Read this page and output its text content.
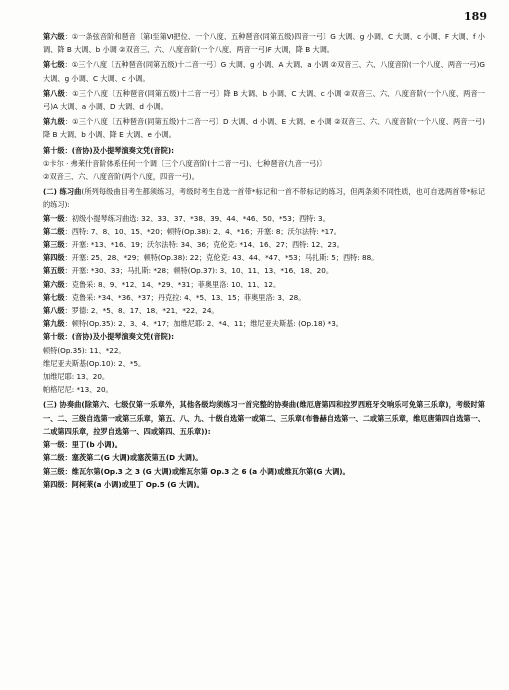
189

第六级：①一条弦音阶和琶音〔第Ⅰ至第Ⅵ把位、一个八度、五种琶音(同第五级)四音一弓〕G 大调、g 小调、C 大调、c 小调、F 大调、f 小调、降 B 大调、b 小调 ②双音三、六、八度音阶(一个八度、两音一弓)F 大调，降 B 大调。

第七级：①三个八度〔五种琶音(同第五级)十二音一弓〕G 大调、g 小调、A 大调、a 小调 ②双音三、六、八度音阶(一个八度、两音一弓)G 大调、g 小调、C 大调、c 小调。

第八级：①三个八度〔五种琶音(同第五级)十二音一弓〕降 B 大调、b 小调、C 大调、c 小调 ②双音三、六、八度音阶(一个八度、两音一弓)A 大调、a 小调、D 大调、d 小调。

第九级：①三个八度〔五种琶音(同第五级)十二音一弓〕D 大调、d 小调、E 大调、e 小调 ②双音三、六、八度音阶(一个八度、两音一弓) 降 B 大调、b 小调、降 E 大调、e 小调。

第十级：(音协)及小提琴演奏文凭(音院):

①卡尔 · 弗莱什音阶体系任何一个调〔三个八度音阶(十二音一弓)、七种琶音(九音一弓)〕

②双音三、六、八度音阶(两个八度，四音一弓)。

(二) 练习曲(所列每级曲目考生都须练习，考级时考生自选一首带*标记和一首不带标记的练习，但两条须不同性质，也可自选两首带*标记的练习):

第一级：初级小提琴练习曲选: 32、33、37、*38、39、44、*46、50、*53；西特: 3。

第二级：西特: 7、8、10、15、*20；顿特(Op.38): 2、4、*16；开塞: 8；沃尔法特: *17。

第三级：开塞: *13、*16、19；沃尔法特: 34、36；克伦克: *14、16、27；西特: 12、23。

第四级：开塞: 25、28、*29；顿特(Op.38): 22；克伦克: 43、44、*47、*53；马扎斯: 5；西特: 88。

第五级：开塞: *30、33；马扎斯: *28；顿特(Op.37): 3、10、11、13、*16、18、20。

第六级：克鲁采: 8、9、*12、14、*29、*31；菲奥里洛: 10、11、12。

第七级：克鲁采: *34、*36、*37；丹克拉: 4、*5、13、15；菲奥里洛: 3、28。

第八级：罗德: 2、*5、8、17、18、*21、*22、24。

第九级：顿特(Op.35): 2、3、4、*17；加维尼耶: 2、*4、11；维尼亚夫斯基: (Op.18) *3。

第十级：(音协)及小提琴演奏文凭(音院):

顿特(Op.35): 11、*22。

维尼亚夫斯基(Op.10): 2、*5。

加维尼耶: 13、20。

帕格尼尼: *13、20。

(三) 协奏曲(除第六、七级仅第一乐章外，其他各级均须练习一首完整的协奏曲(维厄唐第四和拉罗西班牙交响乐可免第三乐章)，考级时第一、二、三级自选第一或第三乐章，第五、八、九、十级自选第一或第二、三乐章(布鲁赫自选第一、二或第三乐章，维厄唐第四自选第一、二或第四乐章，拉罗自选第一、四或第四、五乐章)):

第一级：里丁(b 小调)。

第二级：塞茨第二(G 大调)或塞茨第五(D 大调)。

第三级：维瓦尔第(Op.3 之 3 (G 大调)或维瓦尔第 Op.3 之 6 (a 小调)或维瓦尔第(G 大调)。

第四级：阿柯莱(a 小调)或里丁 Op.5 (G 大调)。
